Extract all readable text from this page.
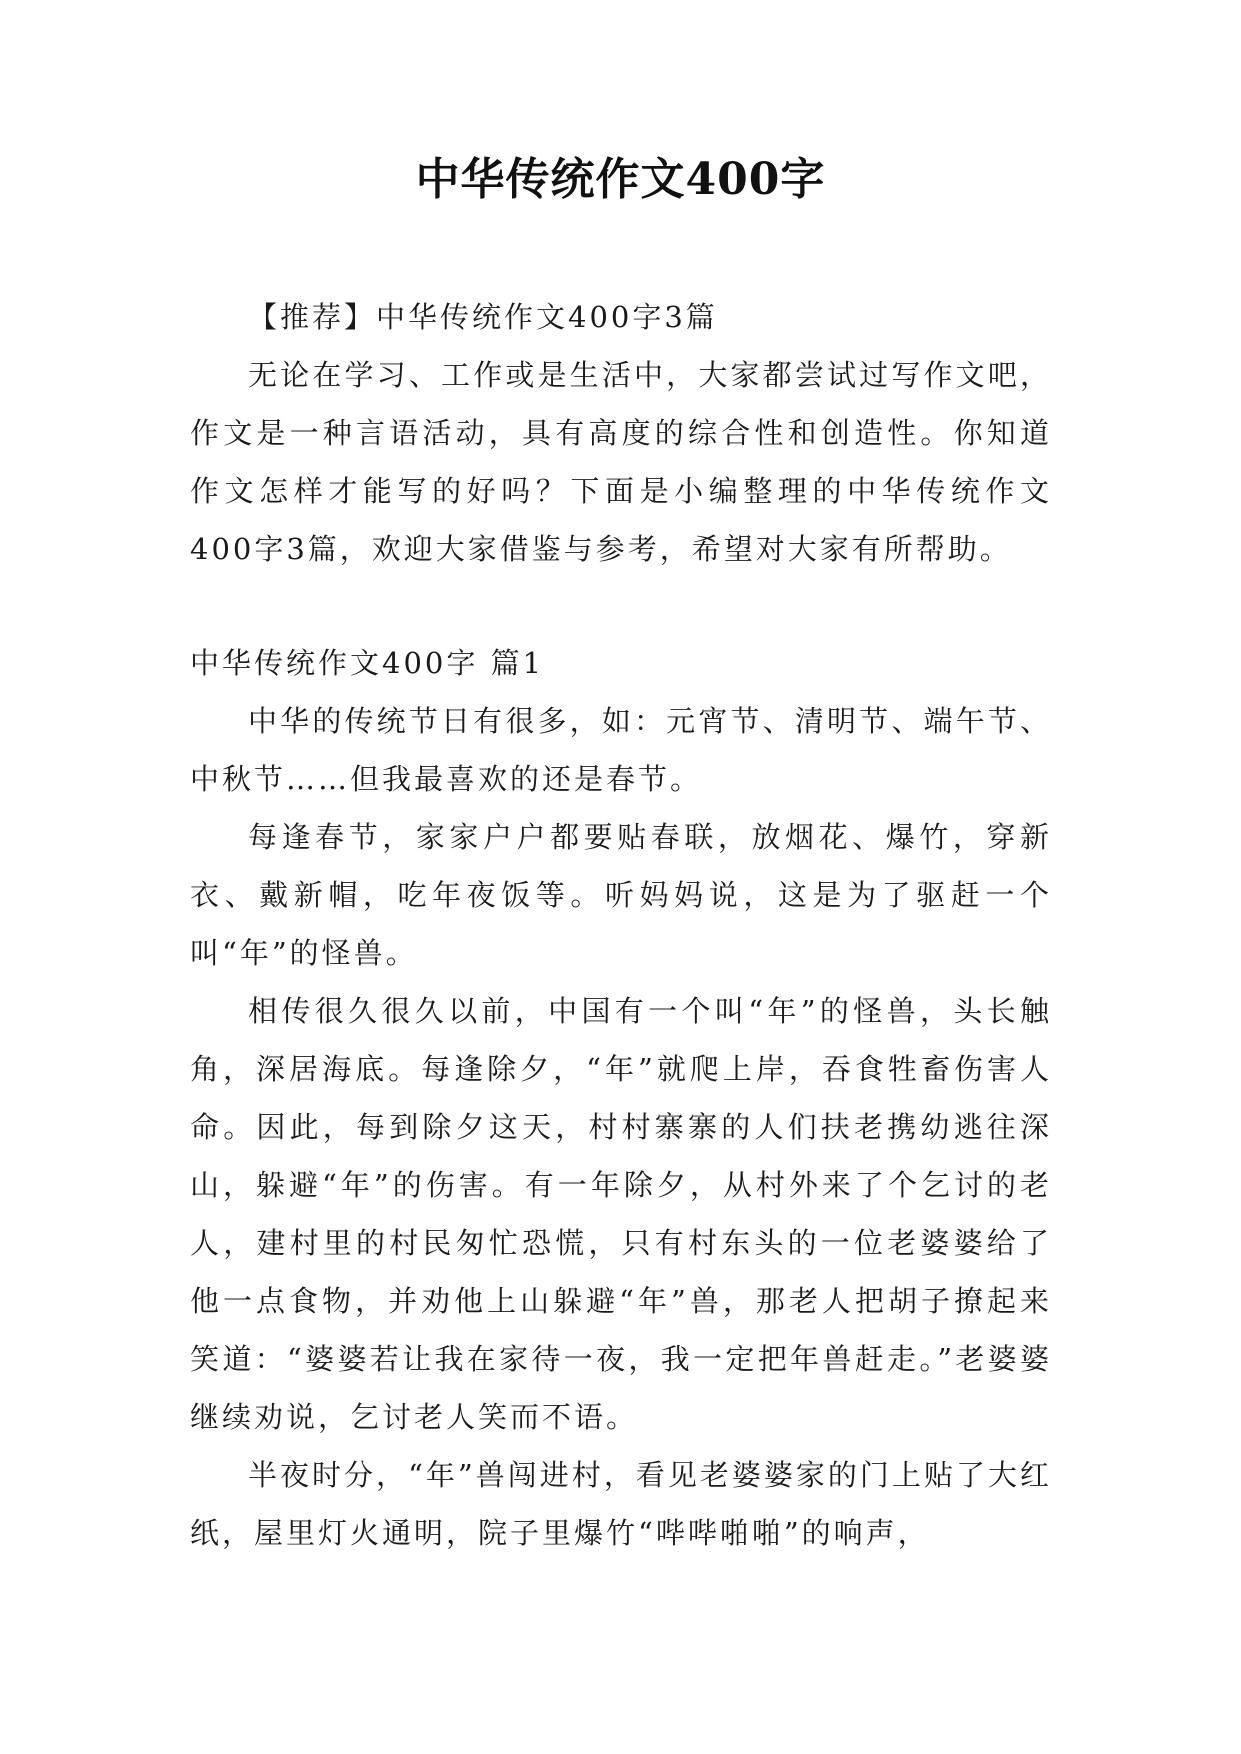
中华传统作文400字

【推荐】中华传统作文400字3篇

无论在学习、工作或是生活中，大家都尝试过写作文吧，作文是一种言语活动，具有高度的综合性和创造性。你知道作文怎样才能写的好吗？下面是小编整理的中华传统作文400字3篇，欢迎大家借鉴与参考，希望对大家有所帮助。

中华传统作文400字 篇1

中华的传统节日有很多，如：元宵节、清明节、端午节、中秋节……但我最喜欢的还是春节。

每逢春节，家家户户都要贴春联，放烟花、爆竹，穿新衣、戴新帽，吃年夜饭等。听妈妈说，这是为了驱赶一个叫“年”的怪兽。

相传很久很久以前，中国有一个叫“年”的怪兽，头长触角，深居海底。每逢除夕，“年”就爬上岸，吞食牲畜伤害人命。因此，每到除夕这天，村村寨寨的人们扶老携幼逃往深山，躲避“年”的伤害。有一年除夕，从村外来了个乞讨的老人，建村里的村民匆忙恐慌，只有村东头的一位老婆婆给了他一点食物，并劝他上山躲避“年”兽，那老人把胡子撩起来笑道：“婆婆若让我在家待一夜，我一定把年兽赶走。”老婆婆继续劝说，乞讨老人笑而不语。

半夜时分，“年”兽闯进村，看见老婆婆家的门上贴了大红纸，屋里灯火通明，院子里爆竹“哔哔啪啪”的响声，
